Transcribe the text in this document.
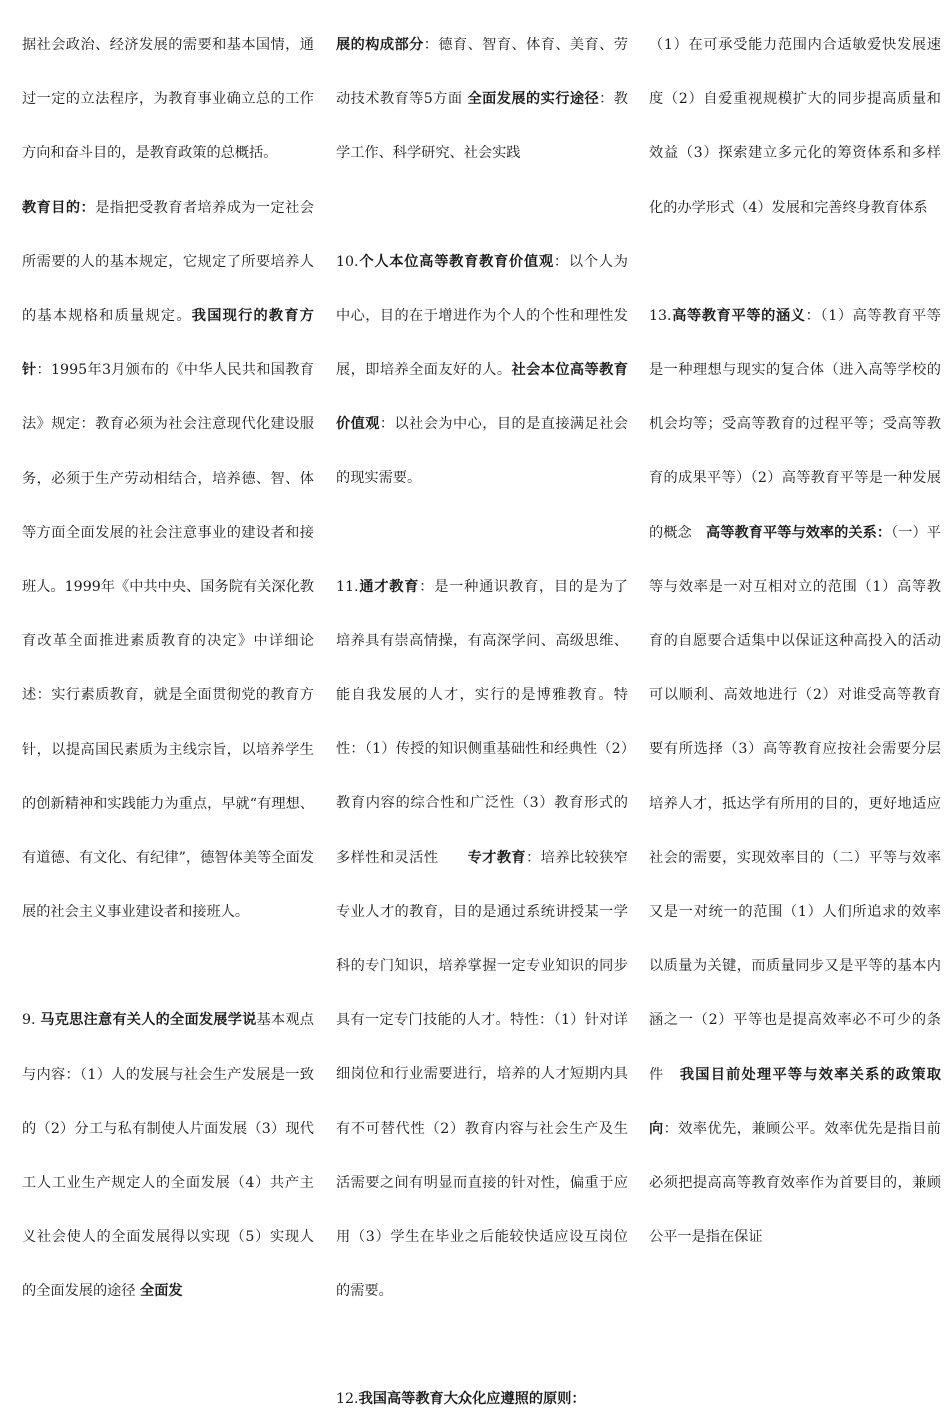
据社会政治、经济发展的需要和基本国情，通过一定的立法程序，为教育事业确立总的工作方向和奋斗目的，是教育政策的总概括。

教育目的：是指把受教育者培养成为一定社会所需要的人的基本规定，它规定了所要培养人的基本规格和质量规定。我国现行的教育方针：1995年3月颁布的《中华人民共和国教育法》规定：教育必须为社会注意现代化建设服务，必须于生产劳动相结合，培养德、智、体等方面全面发展的社会注意事业的建设者和接班人。1999年《中共中央、国务院有关深化教育改革全面推进素质教育的决定》中详细论述：实行素质教育，就是全面贯彻党的教育方针，以提高国民素质为主线宗旨，以培养学生的创新精神和实践能力为重点，早就“有理想、有道德、有文化、有纪律”，德智体美等全面发展的社会主义事业建设者和接班人。

9. 马克思注意有关人的全面发展学说基本观点与内容：（1）人的发展与社会生产发展是一致的（2）分工与私有制使人片面发展（3）现代工人工业生产规定人的全面发展（4）共产主义社会使人的全面发展得以实现（5）实现人的全面发展的途径 全面发

展的构成部分：德育、智育、体育、美育、劳动技术教育等5方面 全面发展的实行途径：教学工作、科学研究、社会实践

10.个人本位高等教育教育价值观：以个人为中心，目的在于增进作为个人的个性和理性发展，即培养全面友好的人。社会本位高等教育价值观：以社会为中心，目的是直接满足社会的现实需要。

11.通才教育：是一种通识教育，目的是为了培养具有崇高情操，有高深学问、高级思维、能自我发展的人才，实行的是博雅教育。特性：（1）传授的知识侧重基础性和经典性（2）教育内容的综合性和广泛性（3）教育形式的多样性和灵活性　　专才教育：培养比较狭窄专业人才的教育，目的是通过系统讲授某一学科的专门知识，培养掌握一定专业知识的同步具有一定专门技能的人才。特性：（1）针对详细岗位和行业需要进行，培养的人才短期内具有不可替代性（2）教育内容与社会生产及生活需要之间有明显而直接的针对性，偏重于应用（3）学生在毕业之后能较快适应设互岗位的需要。

12.我国高等教育大众化应遵照的原则：

（1）在可承受能力范围内合适敏爱快发展速度（2）自爱重视规模扩大的同步提高质量和效益（3）探索建立多元化的筹资体系和多样化的办学形式（4）发展和完善终身教育体系

13.高等教育平等的涵义：（1）高等教育平等是一种理想与现实的复合体（进入高等学校的机会均等；受高等教育的过程平等；受高等教育的成果平等）（2）高等教育平等是一种发展的概念　高等教育平等与效率的关系：（一）平等与效率是一对互相对立的范围（1）高等教育的自愿要合适集中以保证这种高投入的活动可以顺利、高效地进行（2）对谁受高等教育要有所选择（3）高等教育应按社会需要分层培养人才，抵达学有所用的目的，更好地适应社会的需要，实现效率目的（二）平等与效率又是一对统一的范围（1）人们所追求的效率以质量为关键，而质量同步又是平等的基本内涵之一（2）平等也是提高效率必不可少的条件　我国目前处理平等与效率关系的政策取向：效率优先，兼顾公平。效率优先是指目前必须把提高高等教育效率作为首要目的，兼顾公平一是指在保证
